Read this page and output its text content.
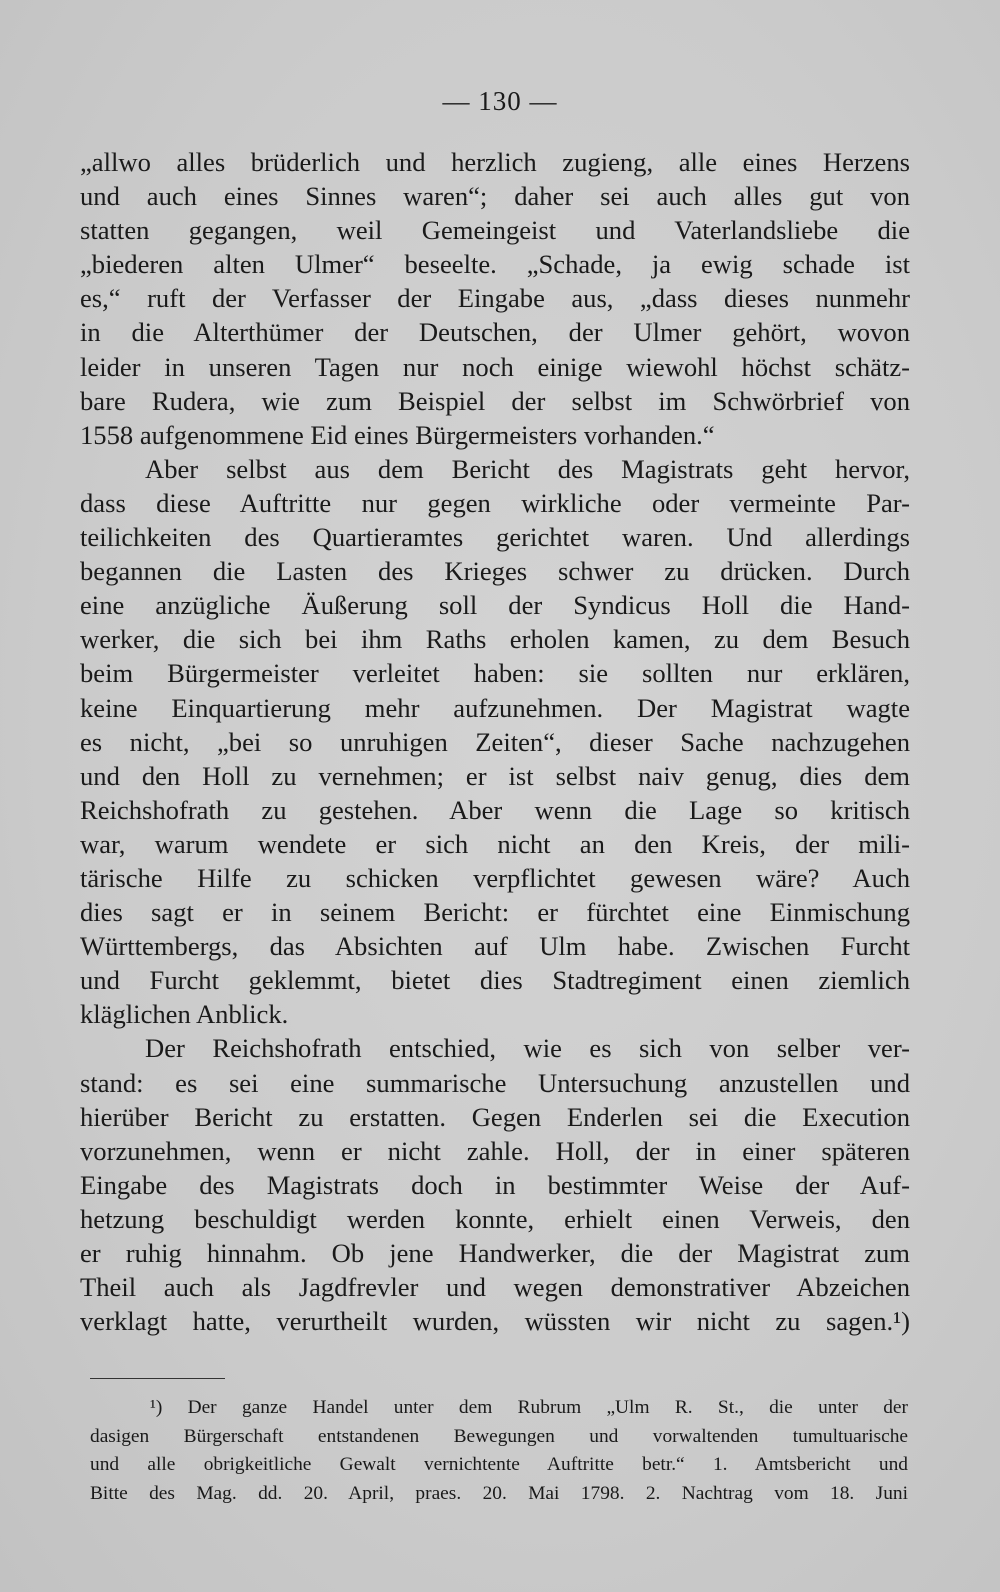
— 130 —
„allwo alles brüderlich und herzlich zugieng, alle eines Herzens
und auch eines Sinnes waren“; daher sei auch alles gut von
statten gegangen, weil Gemeingeist und Vaterlandsliebe die
„biederen alten Ulmer“ beseelte. „Schade, ja ewig schade ist
es,“ ruft der Verfasser der Eingabe aus, „dass dieses nunmehr
in die Alterthümer der Deutschen, der Ulmer gehört, wovon
leider in unseren Tagen nur noch einige wiewohl höchst schätz-
bare Rudera, wie zum Beispiel der selbst im Schwörbrief von
1558 aufgenommene Eid eines Bürgermeisters vorhanden.“
Aber selbst aus dem Bericht des Magistrats geht hervor,
dass diese Auftritte nur gegen wirkliche oder vermeinte Par-
teilichkeiten des Quartieramtes gerichtet waren. Und allerdings
begannen die Lasten des Krieges schwer zu drücken. Durch
eine anzügliche Äußerung soll der Syndicus Holl die Hand-
werker, die sich bei ihm Raths erholen kamen, zu dem Besuch
beim Bürgermeister verleitet haben: sie sollten nur erklären,
keine Einquartierung mehr aufzunehmen. Der Magistrat wagte
es nicht, „bei so unruhigen Zeiten“, dieser Sache nachzugehen
und den Holl zu vernehmen; er ist selbst naiv genug, dies dem
Reichshofrath zu gestehen. Aber wenn die Lage so kritisch
war, warum wendete er sich nicht an den Kreis, der mili-
tärische Hilfe zu schicken verpflichtet gewesen wäre? Auch
dies sagt er in seinem Bericht: er fürchtet eine Einmischung
Württembergs, das Absichten auf Ulm habe. Zwischen Furcht
und Furcht geklemmt, bietet dies Stadtregiment einen ziemlich
kläglichen Anblick.
Der Reichshofrath entschied, wie es sich von selber ver-
stand: es sei eine summarische Untersuchung anzustellen und
hierüber Bericht zu erstatten. Gegen Enderlen sei die Execution
vorzunehmen, wenn er nicht zahle. Holl, der in einer späteren
Eingabe des Magistrats doch in bestimmter Weise der Auf-
hetzung beschuldigt werden konnte, erhielt einen Verweis, den
er ruhig hinnahm. Ob jene Handwerker, die der Magistrat zum
Theil auch als Jagdfrevler und wegen demonstrativer Abzeichen
verklagt hatte, verurtheilt wurden, wüssten wir nicht zu sagen.¹)
¹) Der ganze Handel unter dem Rubrum „Ulm R. St., die unter der
dasigen Bürgerschaft entstandenen Bewegungen und vorwaltenden tumultuarische
und alle obrigkeitliche Gewalt vernichtente Auftritte betr.“ 1. Amtsbericht und
Bitte des Mag. dd. 20. April, praes. 20. Mai 1798. 2. Nachtrag vom 18. Juni
